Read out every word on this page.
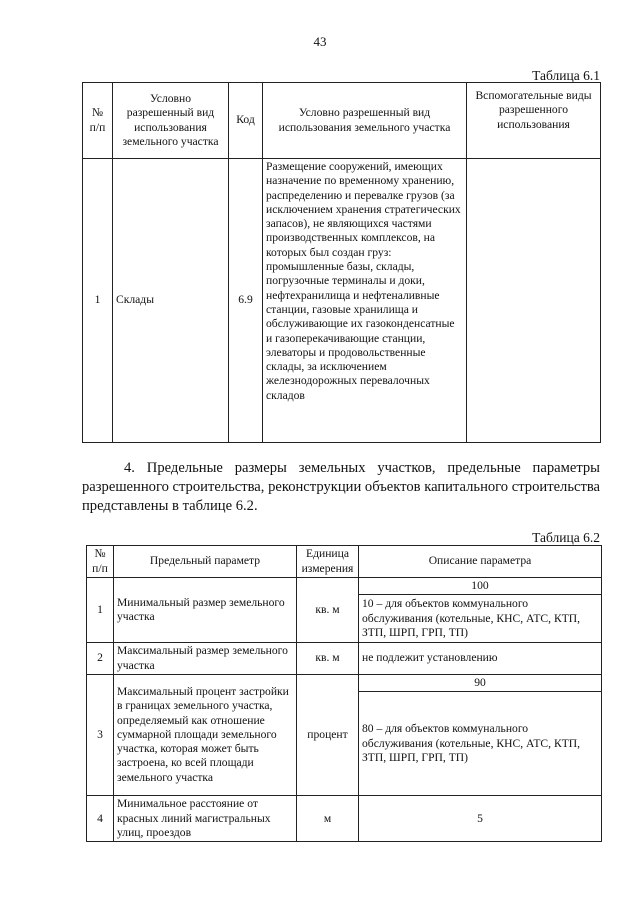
43
Таблица 6.1
№ п/п	Условно разрешенный вид использования земельного участка	Код	Условно разрешенный вид использования земельного участка	Вспомогательные виды разрешенного использования
1	Склады	6.9	Размещение сооружений, имеющих назначение по временному хранению, распределению и перевалке грузов (за исключением хранения стратегических запасов), не являющихся частями производственных комплексов, на которых был создан груз: промышленные базы, склады, погрузочные терминалы и доки, нефтехранилища и нефтеналивные станции, газовые хранилища и обслуживающие их газоконденсатные и газоперекачивающие станции, элеваторы и продовольственные склады, за исключением железнодорожных перевалочных складов	
4. Предельные размеры земельных участков, предельные параметры разрешенного строительства, реконструкции объектов капитального строительства представлены в таблице 6.2.
Таблица 6.2
№ п/п	Предельный параметр	Единица измерения	Описание параметра
1	Минимальный размер земельного участка	кв. м	100
			10 – для объектов коммунального обслуживания (котельные, КНС, АТС, КТП, ЗТП, ШРП, ГРП, ТП)
2	Максимальный размер земельного участка	кв. м	не подлежит установлению
3	Максимальный процент застройки в границах земельного участка, определяемый как отношение суммарной площади земельного участка, которая может быть застроена, ко всей площади земельного участка	процент	90
			80 – для объектов коммунального обслуживания (котельные, КНС, АТС, КТП, ЗТП, ШРП, ГРП, ТП)
4	Минимальное расстояние от красных линий магистральных улиц, проездов	м	5
